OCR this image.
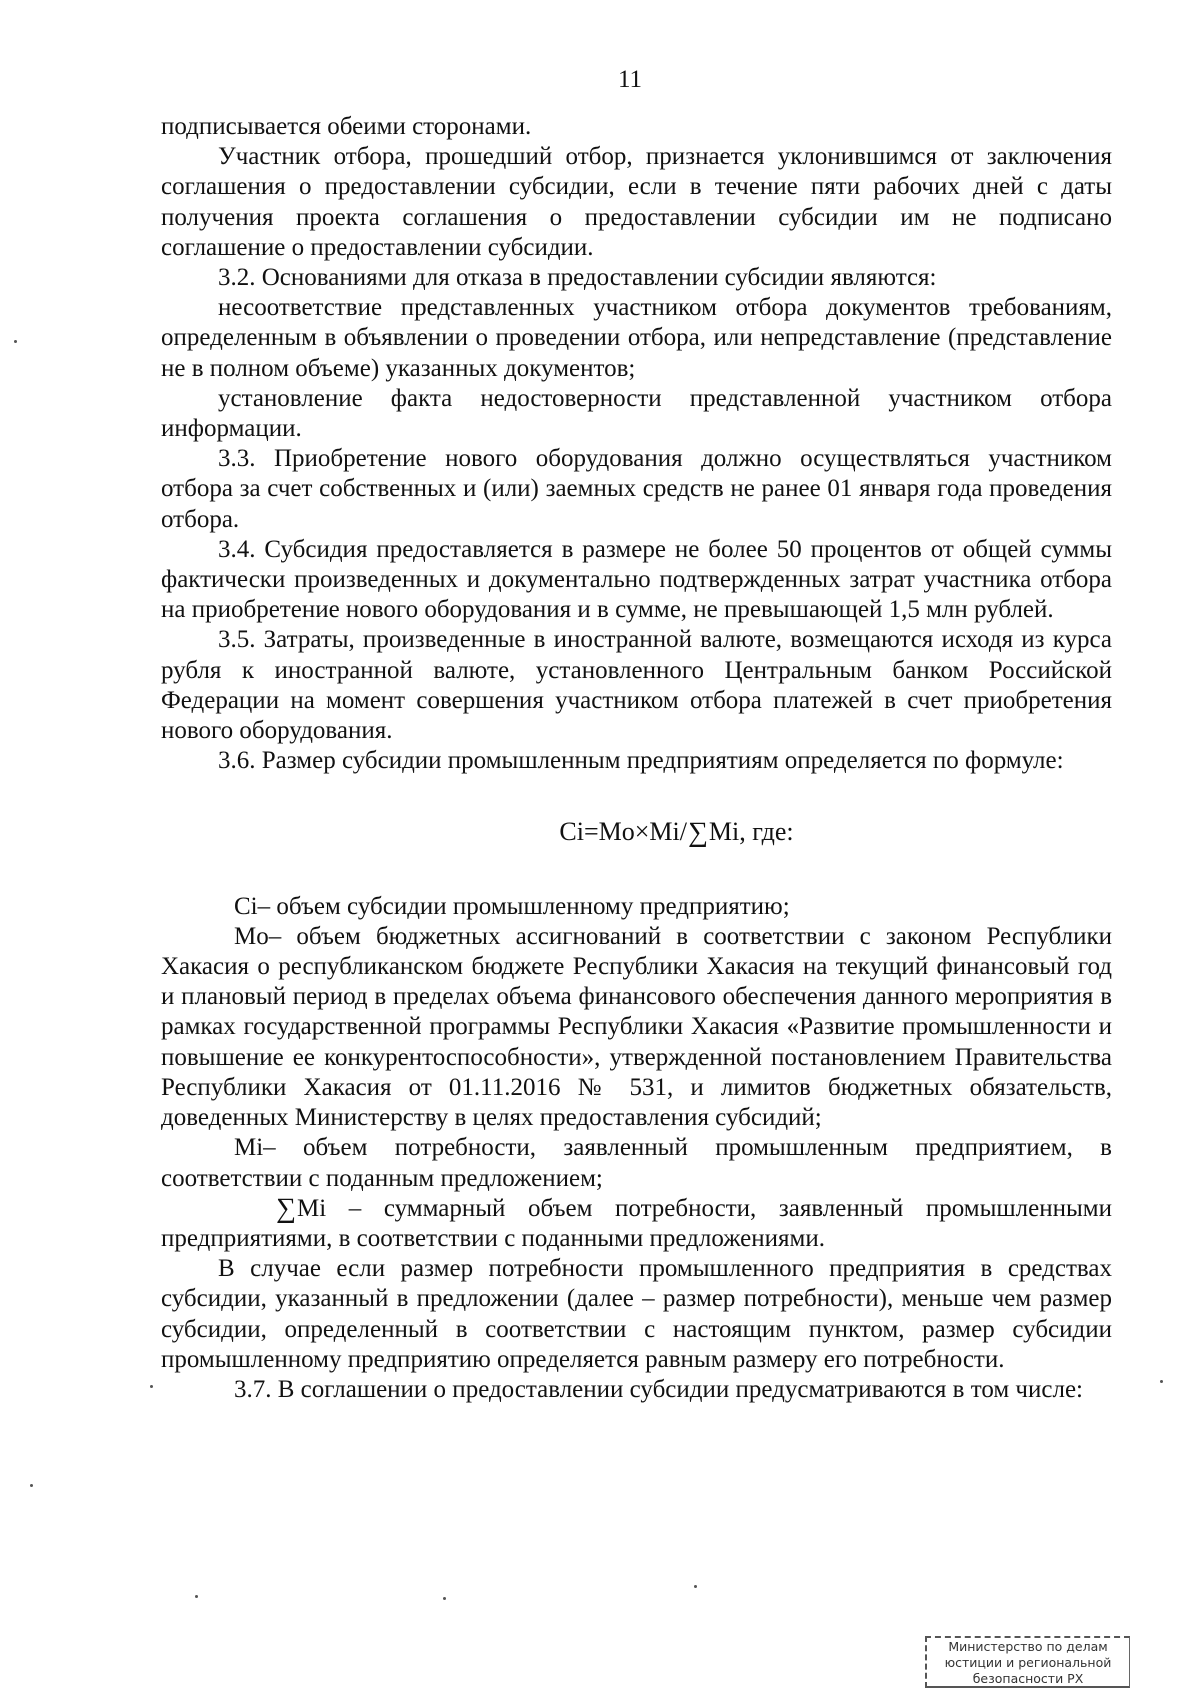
11

подписывается обеими сторонами.

Участник отбора, прошедший отбор, признается уклонившимся от заключения соглашения о предоставлении субсидии, если в течение пяти рабочих дней с даты получения проекта соглашения о предоставлении субсидии им не подписано соглашение о предоставлении субсидии.

3.2. Основаниями для отказа в предоставлении субсидии являются:

несоответствие представленных участником отбора документов требованиям, определенным в объявлении о проведении отбора, или непредставление (представление не в полном объеме) указанных документов;

установление факта недостоверности представленной участником отбора информации.

3.3. Приобретение нового оборудования должно осуществляться участником отбора за счет собственных и (или) заемных средств не ранее 01 января года проведения отбора.

3.4. Субсидия предоставляется в размере не более 50 процентов от общей суммы фактически произведенных и документально подтвержденных затрат участника отбора на приобретение нового оборудования и в сумме, не превышающей 1,5 млн рублей.

3.5. Затраты, произведенные в иностранной валюте, возмещаются исходя из курса рубля к иностранной валюте, установленного Центральным банком Российской Федерации на момент совершения участником отбора платежей в счет приобретения нового оборудования.

3.6. Размер субсидии промышленным предприятиям определяется по формуле:

Ci=Mo×Mi/∑Mi, где:

Ci– объем субсидии промышленному предприятию;

Mo– объем бюджетных ассигнований в соответствии с законом Республики Хакасия о республиканском бюджете Республики Хакасия на текущий финансовый год и плановый период в пределах объема финансового обеспечения данного мероприятия в рамках государственной программы Республики Хакасия «Развитие промышленности и повышение ее конкурентоспособности», утвержденной постановлением Правительства Республики Хакасия от 01.11.2016 № 531, и лимитов бюджетных обязательств, доведенных Министерству в целях предоставления субсидий;

Mi– объем потребности, заявленный промышленным предприятием, в соответствии с поданным предложением;

∑Mi – суммарный объем потребности, заявленный промышленными предприятиями, в соответствии с поданными предложениями.

В случае если размер потребности промышленного предприятия в средствах субсидии, указанный в предложении (далее – размер потребности), меньше чем размер субсидии, определенный в соответствии с настоящим пунктом, размер субсидии промышленному предприятию определяется равным размеру его потребности.

3.7. В соглашении о предоставлении субсидии предусматриваются в том числе:

Министерство по делам
юстиции и региональной
безопасности РХ
